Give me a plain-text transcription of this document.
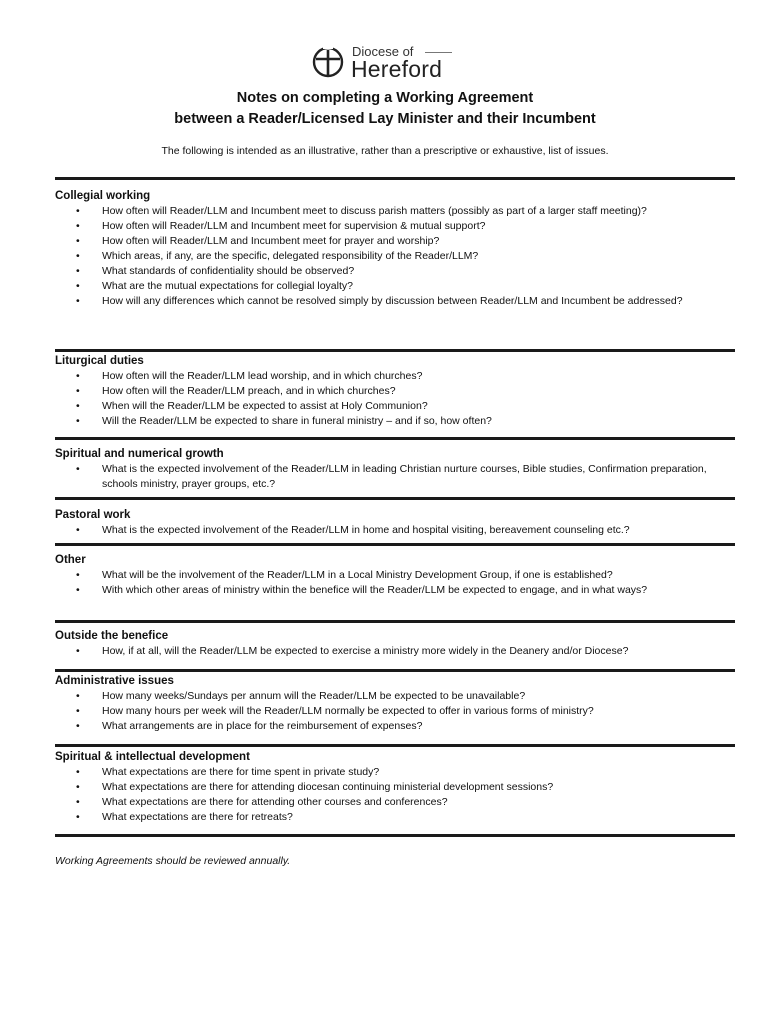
Diocese of
Hereford
Notes on completing a Working Agreement
between a Reader/Licensed Lay Minister and their Incumbent
The following is intended as an illustrative, rather than a prescriptive or exhaustive, list of issues.
Collegial working
• How often will Reader/LLM and Incumbent meet to discuss parish matters (possibly as part of a larger staff meeting)?
• How often will Reader/LLM and Incumbent meet for supervision & mutual support?
• How often will Reader/LLM and Incumbent meet for prayer and worship?
• Which areas, if any, are the specific, delegated responsibility of the Reader/LLM?
• What standards of confidentiality should be observed?
• What are the mutual expectations for collegial loyalty?
• How will any differences which cannot be resolved simply by discussion between Reader/LLM and Incumbent be addressed?
Liturgical duties
• How often will the Reader/LLM lead worship, and in which churches?
• How often will the Reader/LLM preach, and in which churches?
• When will the Reader/LLM be expected to assist at Holy Communion?
• Will the Reader/LLM be expected to share in funeral ministry – and if so, how often?
Spiritual and numerical growth
• What is the expected involvement of the Reader/LLM in leading Christian nurture courses, Bible studies, Confirmation preparation, schools ministry, prayer groups, etc.?
Pastoral work
• What is the expected involvement of the Reader/LLM in home and hospital visiting, bereavement counseling etc.?
Other
• What will be the involvement of the Reader/LLM in a Local Ministry Development Group, if one is established?
• With which other areas of ministry within the benefice will the Reader/LLM be expected to engage, and in what ways?
Outside the benefice
• How, if at all, will the Reader/LLM be expected to exercise a ministry more widely in the Deanery and/or Diocese?
Administrative issues
• How many weeks/Sundays per annum will the Reader/LLM be expected to be unavailable?
• How many hours per week will the Reader/LLM normally be expected to offer in various forms of ministry?
• What arrangements are in place for the reimbursement of expenses?
Spiritual & intellectual development
• What expectations are there for time spent in private study?
• What expectations are there for attending diocesan continuing ministerial development sessions?
• What expectations are there for attending other courses and conferences?
• What expectations are there for retreats?
Working Agreements should be reviewed annually.
